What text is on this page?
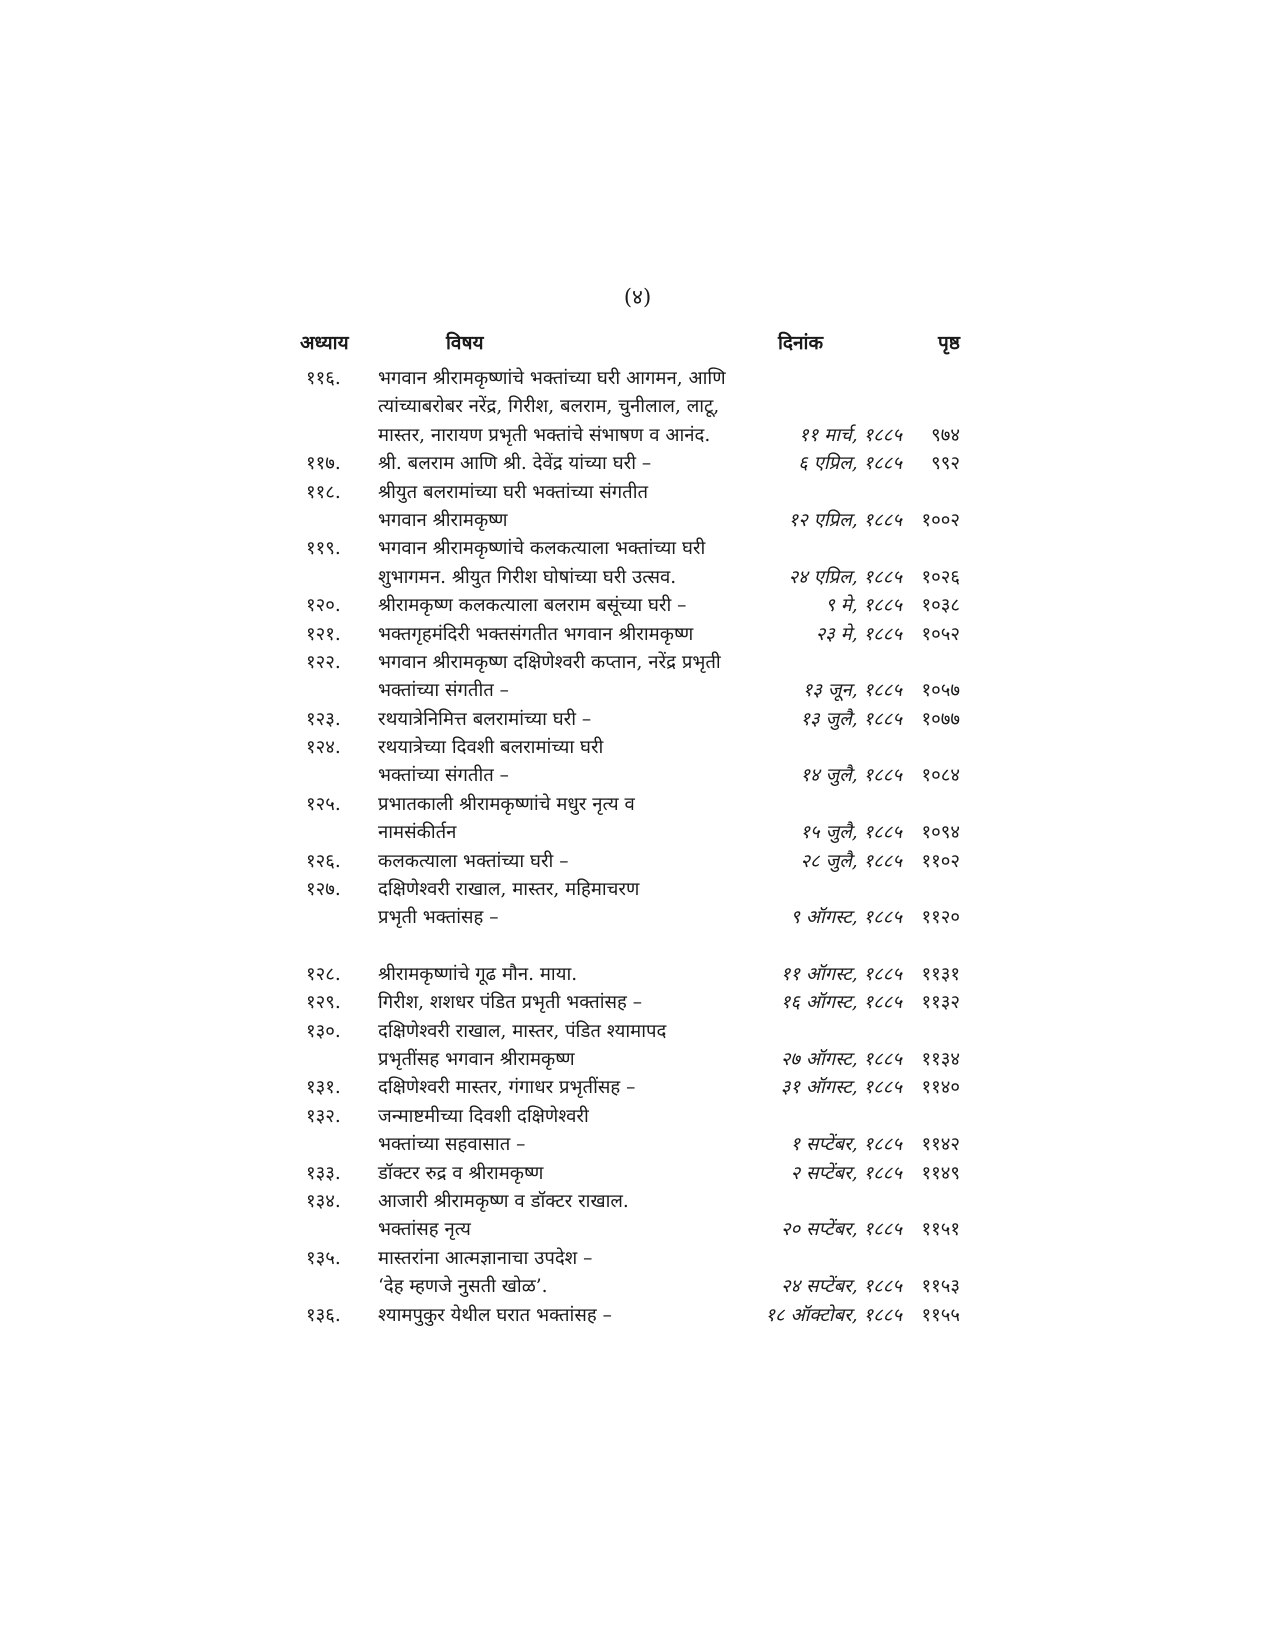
(४)
अध्याय	विषय	दिनांक	पृष्ठ
११६. भगवान श्रीरामकृष्णांचे भक्तांच्या घरी आगमन, आणि
त्यांच्याबरोबर नरेंद्र, गिरीश, बलराम, चुनीलाल, लाटू,
मास्तर, नारायण प्रभृती भक्तांचे संभाषण व आनंद.	११ मार्च, १८८५ ९७४
११७. श्री. बलराम आणि श्री. देवेंद्र यांच्या घरी –	६ एप्रिल, १८८५ ९९२
११८. श्रीयुत बलरामांच्या घरी भक्तांच्या संगतीत
भगवान श्रीरामकृष्ण	१२ एप्रिल, १८८५ १००२
११९. भगवान श्रीरामकृष्णांचे कलकत्याला भक्तांच्या घरी
शुभागमन. श्रीयुत गिरीश घोषांच्या घरी उत्सव.	२४ एप्रिल, १८८५ १०२६
१२०. श्रीरामकृष्ण कलकत्याला बलराम बसूंच्या घरी –	९ मे, १८८५ १०३८
१२१. भक्तगृहमंदिरी भक्तसंगतीत भगवान श्रीरामकृष्ण	२३ मे, १८८५ १०५२
१२२. भगवान श्रीरामकृष्ण दक्षिणेश्वरी कप्तान, नरेंद्र प्रभृती
भक्तांच्या संगतीत –	१३ जून, १८८५ १०५७
१२३. रथयात्रेनिमित्त बलरामांच्या घरी –	१३ जुलै, १८८५ १०७७
१२४. रथयात्रेच्या दिवशी बलरामांच्या घरी
भक्तांच्या संगतीत –	१४ जुलै, १८८५ १०८४
१२५. प्रभातकाली श्रीरामकृष्णांचे मधुर नृत्य व
नामसंकीर्तन	१५ जुलै, १८८५ १०९४
१२६. कलकत्याला भक्तांच्या घरी –	२८ जुलै, १८८५ ११०२
१२७. दक्षिणेश्वरी राखाल, मास्तर, महिमाचरण
प्रभृती भक्तांसह –	९ ऑगस्ट, १८८५ ११२०
१२८. श्रीरामकृष्णांचे गूढ मौन. माया.	११ ऑगस्ट, १८८५ ११३१
१२९. गिरीश, शशधर पंडित प्रभृती भक्तांसह –	१६ ऑगस्ट, १८८५ ११३२
१३०. दक्षिणेश्वरी राखाल, मास्तर, पंडित श्यामापद
प्रभृतींसह भगवान श्रीरामकृष्ण	२७ ऑगस्ट, १८८५ ११३४
१३१. दक्षिणेश्वरी मास्तर, गंगाधर प्रभृतींसह –	३१ ऑगस्ट, १८८५ ११४०
१३२. जन्माष्टमीच्या दिवशी दक्षिणेश्वरी
भक्तांच्या सहवासात –	१ सप्टेंबर, १८८५ ११४२
१३३. डॉक्टर रुद्र व श्रीरामकृष्ण	२ सप्टेंबर, १८८५ ११४९
१३४. आजारी श्रीरामकृष्ण व डॉक्टर राखाल.
भक्तांसह नृत्य	२० सप्टेंबर, १८८५ ११५१
१३५. मास्तरांना आत्मज्ञानाचा उपदेश –
‘देह म्हणजे नुसती खोळ’.	२४ सप्टेंबर, १८८५ ११५३
१३६. श्यामपुकुर येथील घरात भक्तांसह –	१८ ऑक्टोबर, १८८५ ११५५
